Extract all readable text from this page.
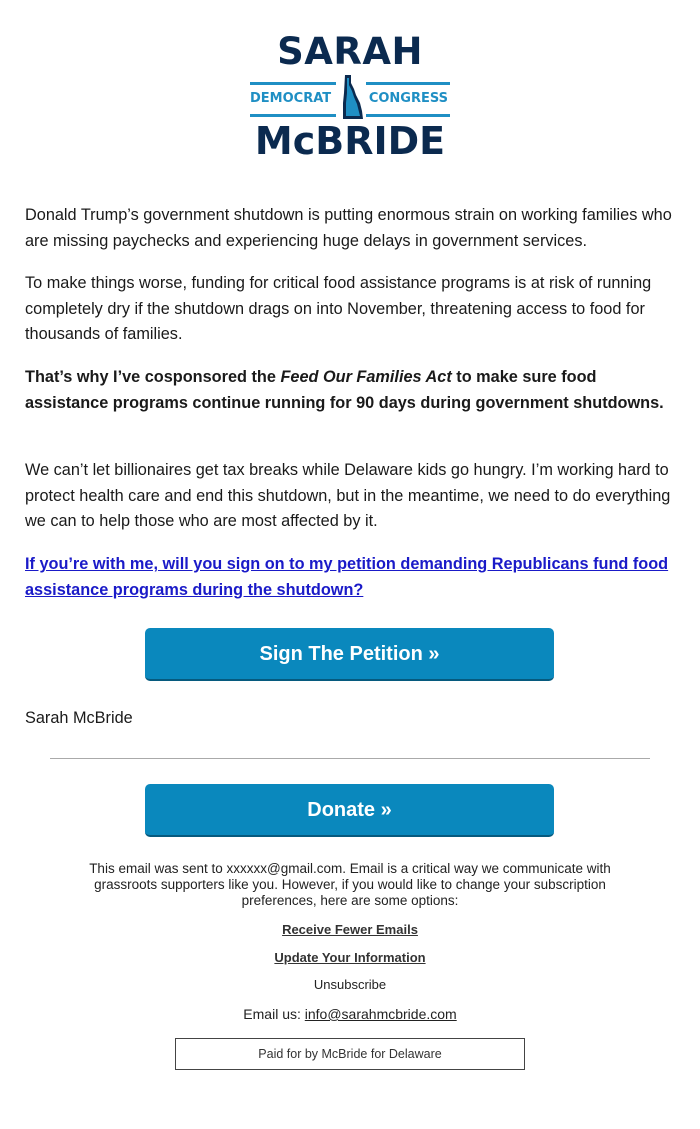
SARAH
DEMOCRAT	CONGRESS
McBRIDE

Donald Trump’s government shutdown is putting enormous strain on working families who are missing paychecks and experiencing huge delays in government services.

To make things worse, funding for critical food assistance programs is at risk of running completely dry if the shutdown drags on into November, threatening access to food for thousands of families.

That’s why I’ve cosponsored the Feed Our Families Act to make sure food assistance programs continue running for 90 days during government shutdowns.

We can’t let billionaires get tax breaks while Delaware kids go hungry. I’m working hard to protect health care and end this shutdown, but in the meantime, we need to do everything we can to help those who are most affected by it.

If you’re with me, will you sign on to my petition demanding Republicans fund food assistance programs during the shutdown?
Sign The Petition »
Sarah McBride
Donate »
This email was sent to xxxxxx@gmail.com. Email is a critical way we communicate with grassroots supporters like you. However, if you would like to change your subscription preferences, here are some options:
Receive Fewer Emails
Update Your Information
Unsubscribe
Email us: info@sarahmcbride.com
Paid for by McBride for Delaware
